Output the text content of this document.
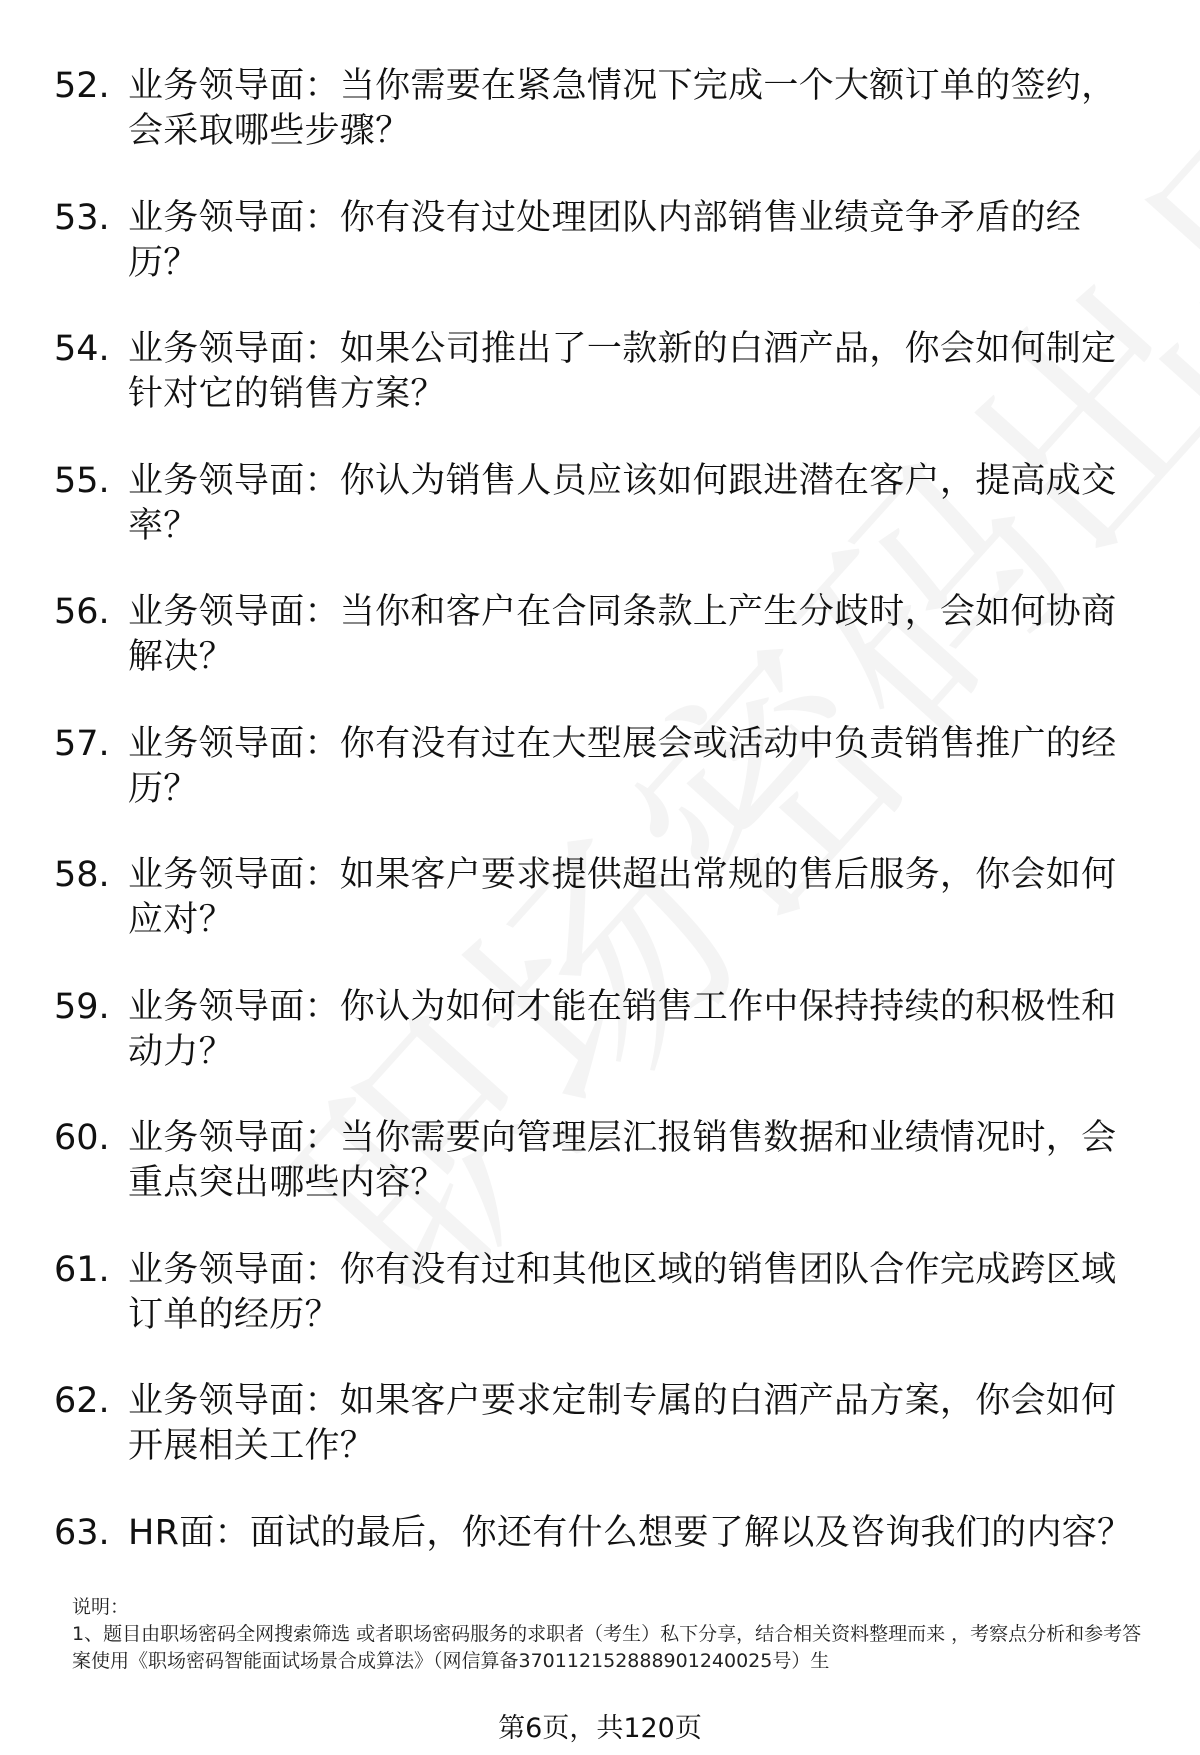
52. 业务领导面：当你需要在紧急情况下完成一个大额订单的签约，会采取哪些步骤？
53. 业务领导面：你有没有过处理团队内部销售业绩竞争矛盾的经历？
54. 业务领导面：如果公司推出了一款新的白酒产品，你会如何制定针对它的销售方案？
55. 业务领导面：你认为销售人员应该如何跟进潜在客户，提高成交率？
56. 业务领导面：当你和客户在合同条款上产生分歧时，会如何协商解决？
57. 业务领导面：你有没有过在大型展会或活动中负责销售推广的经历？
58. 业务领导面：如果客户要求提供超出常规的售后服务，你会如何应对？
59. 业务领导面：你认为如何才能在销售工作中保持持续的积极性和动力？
60. 业务领导面：当你需要向管理层汇报销售数据和业绩情况时，会重点突出哪些内容？
61. 业务领导面：你有没有过和其他区域的销售团队合作完成跨区域订单的经历？
62. 业务领导面：如果客户要求定制专属的白酒产品方案，你会如何开展相关工作？
63. HR面：面试的最后，你还有什么想要了解以及咨询我们的内容？
说明：
1、题目由职场密码全网搜索筛选 或者职场密码服务的求职者（考生）私下分享，结合相关资料整理而来 ，考察点分析和参考答案使用《职场密码智能面试场景合成算法》（网信算备370112152888901240025号）生
第6页，共120页
